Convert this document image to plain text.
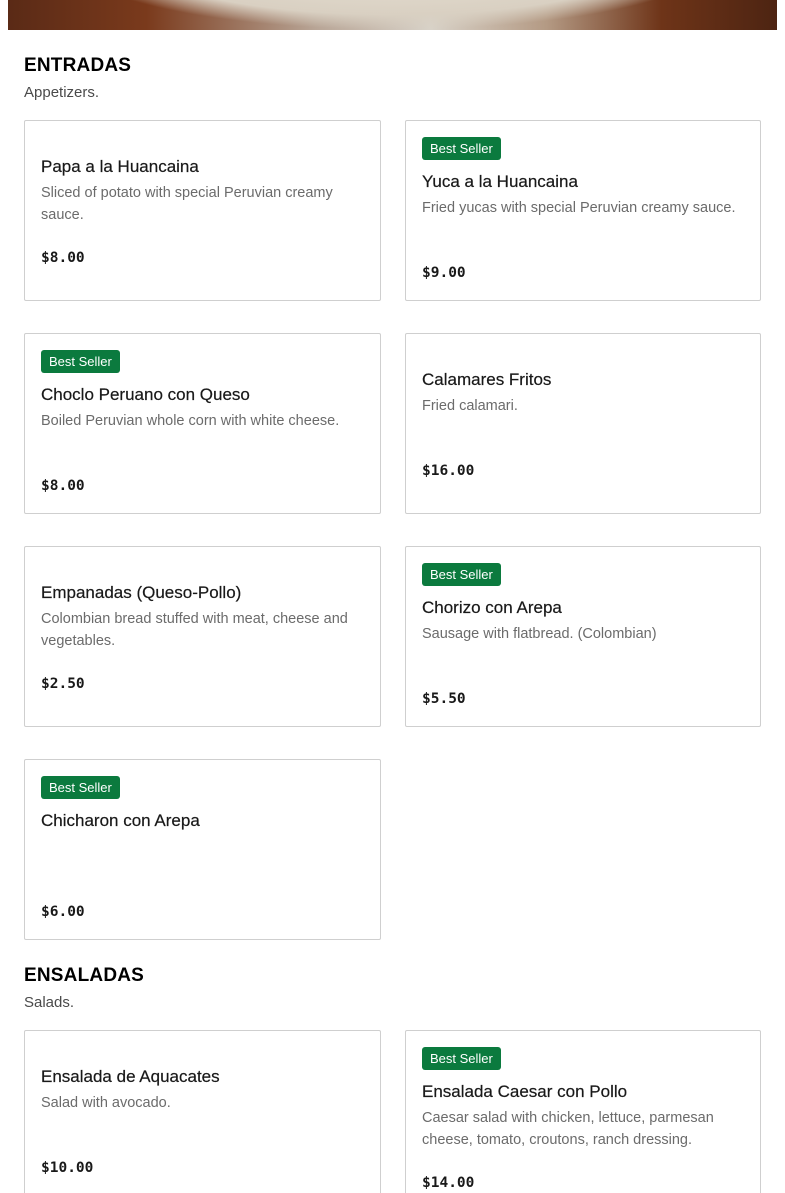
ENTRADAS
Appetizers.
Papa a la Huancaina
Sliced of potato with special Peruvian creamy sauce.
$8.00
Best Seller
Yuca a la Huancaina
Fried yucas with special Peruvian creamy sauce.
$9.00
Best Seller
Choclo Peruano con Queso
Boiled Peruvian whole corn with white cheese.
$8.00
Calamares Fritos
Fried calamari.
$16.00
Empanadas (Queso-Pollo)
Colombian bread stuffed with meat, cheese and vegetables.
$2.50
Best Seller
Chorizo con Arepa
Sausage with flatbread. (Colombian)
$5.50
Best Seller
Chicharon con Arepa
$6.00
ENSALADAS
Salads.
Ensalada de Aquacates
Salad with avocado.
$10.00
Best Seller
Ensalada Caesar con Pollo
Caesar salad with chicken, lettuce, parmesan cheese, tomato, croutons, ranch dressing.
$14.00
